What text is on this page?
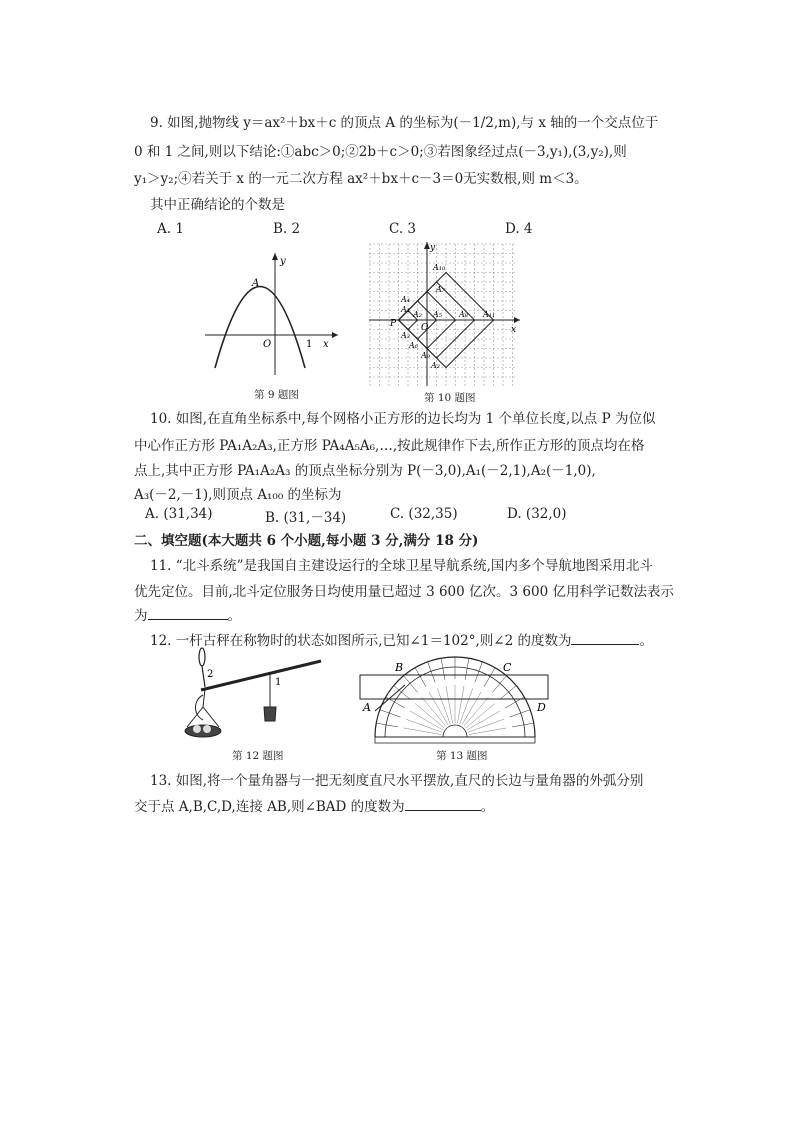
9. 如图,抛物线 y＝ax²＋bx＋c 的顶点 A 的坐标为(－1/2,m),与 x 轴的一个交点位于
0 和 1 之间,则以下结论:①abc＞0;②2b＋c＞0;③若图象经过点(－3,y₁),(3,y₂),则
y₁＞y₂;④若关于 x 的一元二次方程 ax²＋bx＋c－3＝0无实数根,则 m＜3。
其中正确结论的个数是
A. 1	B. 2	C. 3	D. 4
y
x
A
O	1
第 9 题图
y
x
P	O
A₁₀
A₇
A₄
A₁
A₂ A₅ A₈ A₁₁
A₃
A₆
A₉
A₂
第 10 题图
10. 如图,在直角坐标系中,每个网格小正方形的边长均为 1 个单位长度,以点 P 为位似
中心作正方形 PA₁A₂A₃,正方形 PA₄A₅A₆,…,按此规律作下去,所作正方形的顶点均在格
点上,其中正方形 PA₁A₂A₃ 的顶点坐标分别为 P(－3,0),A₁(－2,1),A₂(－1,0),
A₃(－2,－1),则顶点 A₁₀₀ 的坐标为
A. (31,34)	B. (31,－34)	C. (32,35)	D. (32,0)
二、填空题(本大题共 6 个小题,每小题 3 分,满分 18 分)
11. “北斗系统”是我国自主建设运行的全球卫星导航系统,国内多个导航地图采用北斗
优先定位。目前,北斗定位服务日均使用量已超过 3 600 亿次。3 600 亿用科学记数法表示
为	。
12. 一杆古秤在称物时的状态如图所示,已知∠1＝102°,则∠2 的度数为	。
2
1
第 12 题图
B	C
A	D
第 13 题图
13. 如图,将一个量角器与一把无刻度直尺水平摆放,直尺的长边与量角器的外弧分别
交于点 A,B,C,D,连接 AB,则∠BAD 的度数为	。
